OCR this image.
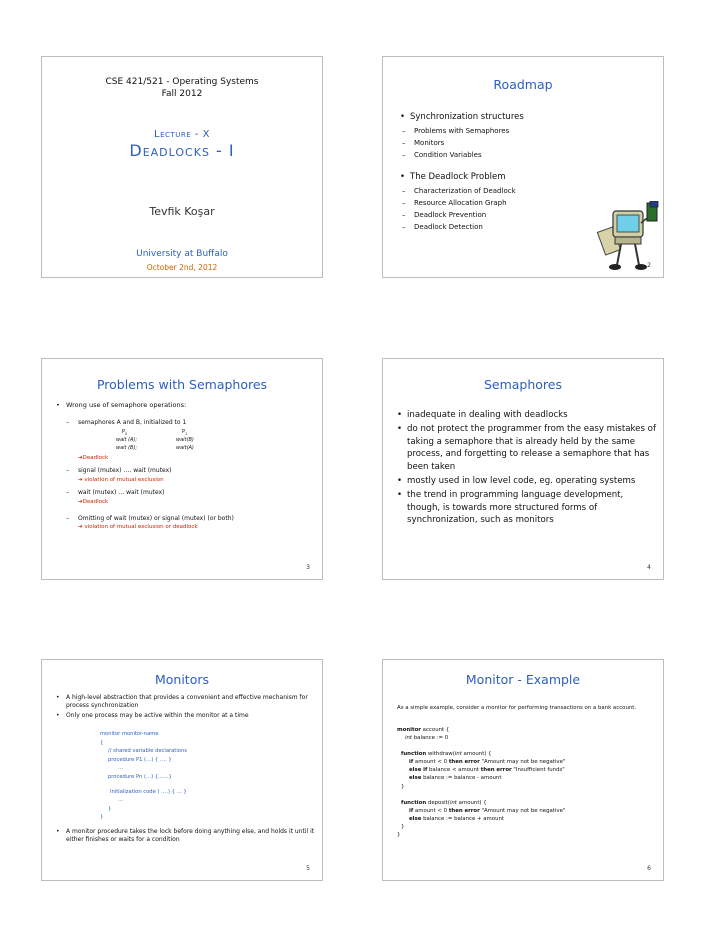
CSE 421/521 - Operating Systems
Fall 2012
Lecture - X
Deadlocks - I
Tevfik Koşar
University at Buffalo
October 2nd, 2012
Roadmap
• Synchronization structures
– Problems with Semaphores
– Monitors
– Condition Variables
• The Deadlock Problem
– Characterization of Deadlock
– Resource Allocation Graph
– Deadlock Prevention
– Deadlock Detection
2
Problems with Semaphores
• Wrong use of semaphore operations:
– semaphores A and B, initialized to 1
$P_0$	$P_1$
wait (A);	wait(B)
wait (B);	wait(A)
➔Deadlock
– signal (mutex) …. wait (mutex)
➔ violation of mutual exclusion
– wait (mutex) … wait (mutex)
➔Deadlock
– Omitting of wait (mutex) or signal (mutex) (or both)
➔ violation of mutual exclusion or deadlock
3
Semaphores
• inadequate in dealing with deadlocks
• do not protect the programmer from the easy mistakes of taking a semaphore that is already held by the same process, and forgetting to release a semaphore that has been taken
• mostly used in low level code, eg. operating systems
• the trend in programming language development, though, is towards more structured forms of synchronization, such as monitors
4
Monitors
• A high-level abstraction that provides a convenient and effective mechanism for process synchronization
• Only one process may be active within the monitor at a time
monitor monitor-name
{
// shared variable declarations
procedure P1 (…) { …. }
…
procedure Pn (…) {……}
Initialization code ( ….) { … }
…
}
}
• A monitor procedure takes the lock before doing anything else, and holds it until it either finishes or waits for a condition
5
Monitor - Example
As a simple example, consider a monitor for performing transactions on a bank account.
monitor account {
int balance := 0
function withdraw(int amount) {
if amount < 0 then error "Amount may not be negative"
else if balance < amount then error "Insufficient funds"
else balance := balance - amount
}
function deposit(int amount) {
if amount < 0 then error "Amount may not be negative"
else balance := balance + amount
}
}
6
